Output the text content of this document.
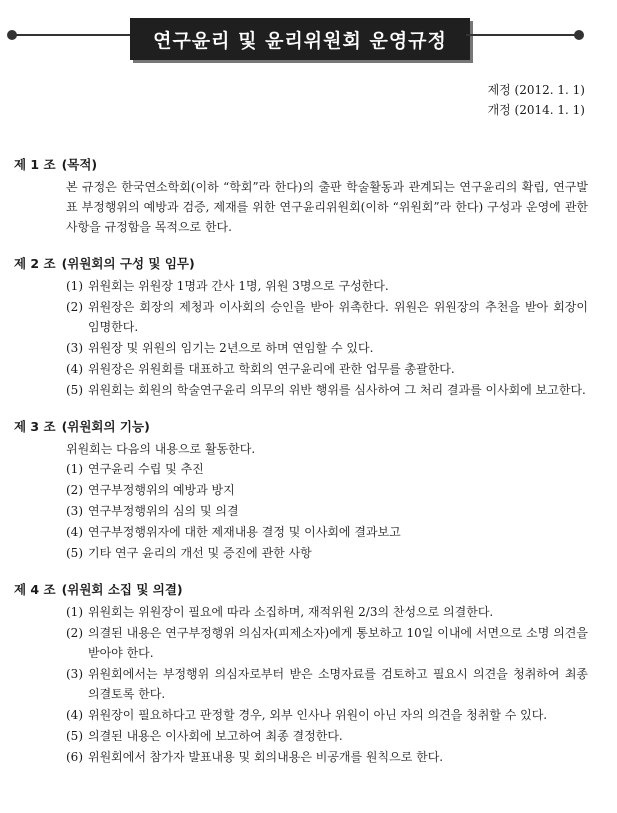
연구윤리 및 윤리위원회 운영규정
제정 (2012. 1. 1)
개정 (2014. 1. 1)
제 1 조 (목적)
본 규정은 한국연소학회(이하 “학회”라 한다)의 출판 학술활동과 관계되는 연구윤리의 확립, 연구발표 부정행위의 예방과 검증, 제재를 위한 연구윤리위원회(이하 “위원회”라 한다) 구성과 운영에 관한 사항을 규정함을 목적으로 한다.
제 2 조 (위원회의 구성 및 임무)
(1) 위원회는 위원장 1명과 간사 1명, 위원 3명으로 구성한다.
(2) 위원장은 회장의 제청과 이사회의 승인을 받아 위촉한다. 위원은 위원장의 추천을 받아 회장이 임명한다.
(3) 위원장 및 위원의 임기는 2년으로 하며 연임할 수 있다.
(4) 위원장은 위원회를 대표하고 학회의 연구윤리에 관한 업무를 총괄한다.
(5) 위원회는 회원의 학술연구윤리 의무의 위반 행위를 심사하여 그 처리 결과를 이사회에 보고한다.
제 3 조 (위원회의 기능)
위원회는 다음의 내용으로 활동한다.
(1) 연구윤리 수립 및 추진
(2) 연구부정행위의 예방과 방지
(3) 연구부정행위의 심의 및 의결
(4) 연구부정행위자에 대한 제재내용 결정 및 이사회에 결과보고
(5) 기타 연구 윤리의 개선 및 증진에 관한 사항
제 4 조 (위원회 소집 및 의결)
(1) 위원회는 위원장이 필요에 따라 소집하며, 재적위원 2/3의 찬성으로 의결한다.
(2) 의결된 내용은 연구부정행위 의심자(피제소자)에게 통보하고 10일 이내에 서면으로 소명 의견을 받아야 한다.
(3) 위원회에서는 부정행위 의심자로부터 받은 소명자료를 검토하고 필요시 의견을 청취하여 최종 의결토록 한다.
(4) 위원장이 필요하다고 판정할 경우, 외부 인사나 위원이 아닌 자의 의견을 청취할 수 있다.
(5) 의결된 내용은 이사회에 보고하여 최종 결정한다.
(6) 위원회에서 참가자 발표내용 및 회의내용은 비공개를 원칙으로 한다.
